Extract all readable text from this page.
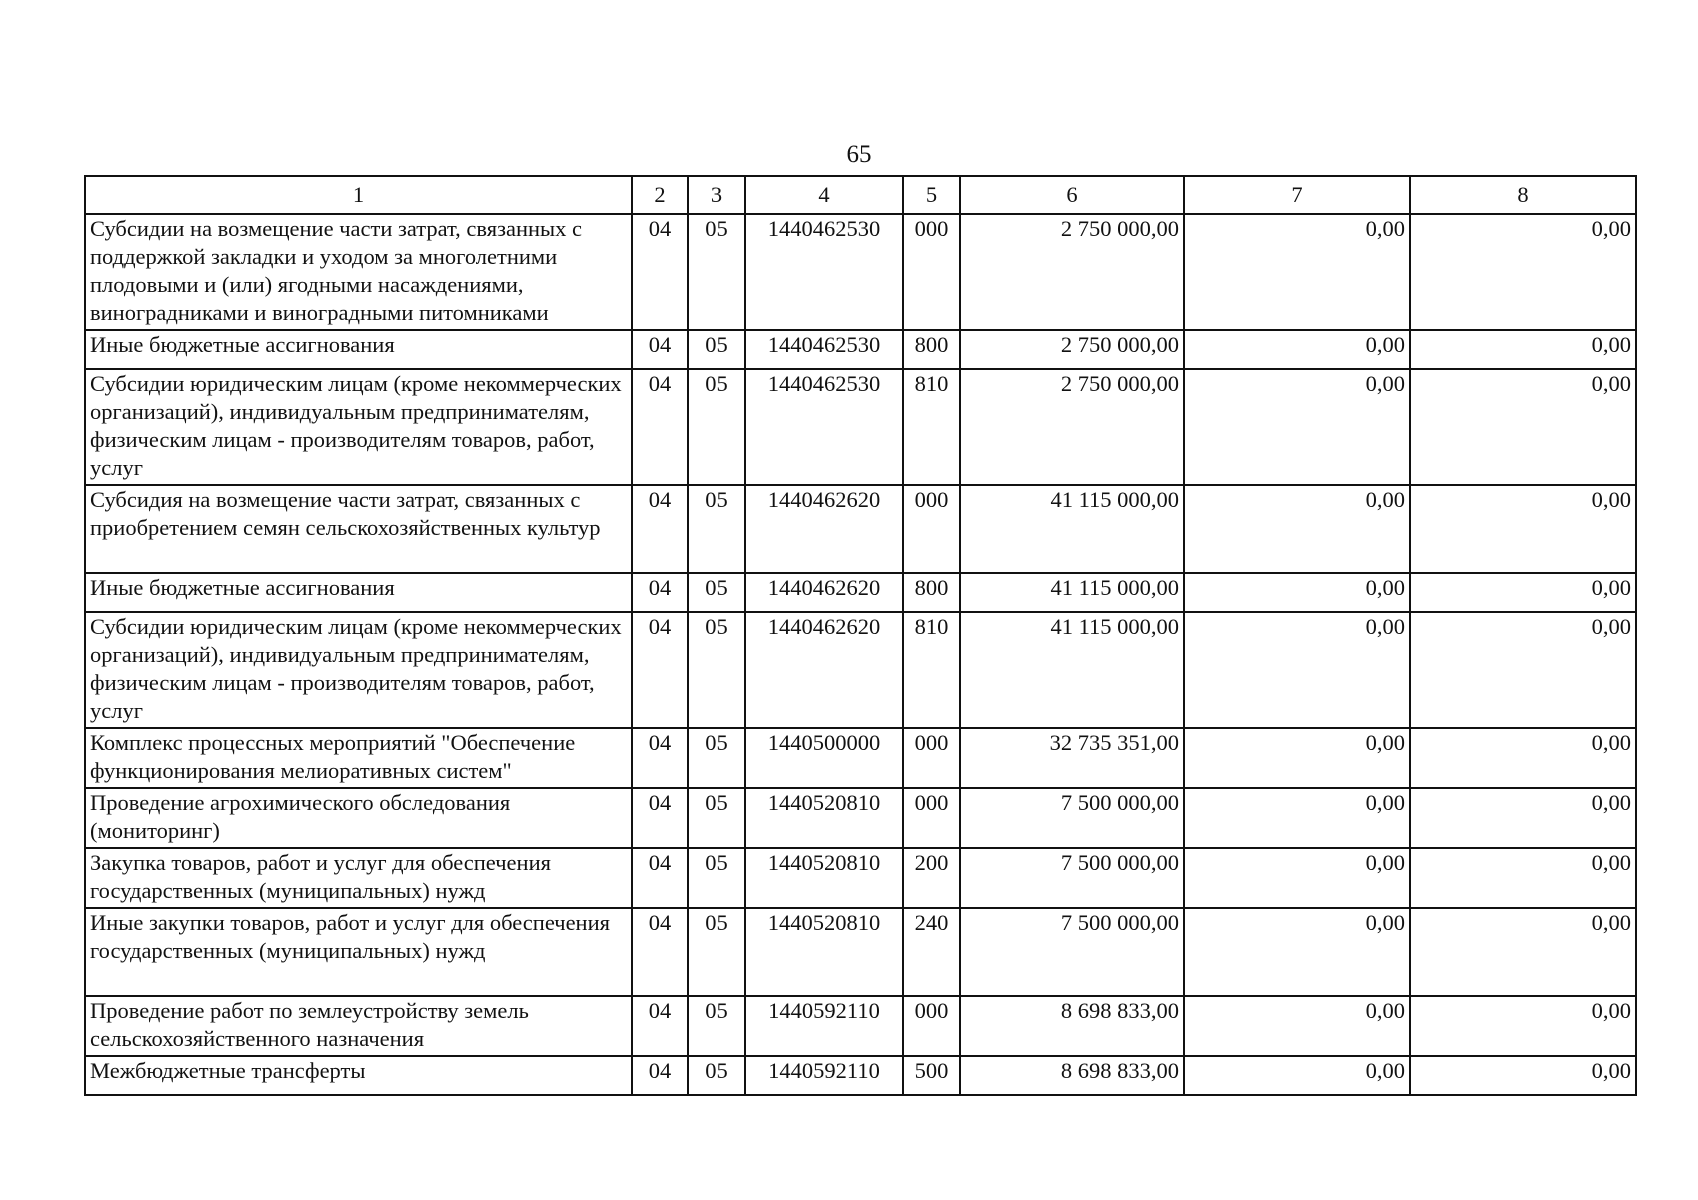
65
1	2	3	4	5	6	7	8
Субсидии на возмещение части затрат, связанных с поддержкой закладки и уходом за многолетними плодовыми и (или) ягодными насаждениями, виноградниками и виноградными питомниками	04	05	1440462530	000	2 750 000,00	0,00	0,00
Иные бюджетные ассигнования	04	05	1440462530	800	2 750 000,00	0,00	0,00
Субсидии юридическим лицам (кроме некоммерческих организаций), индивидуальным предпринимателям, физическим лицам - производителям товаров, работ, услуг	04	05	1440462530	810	2 750 000,00	0,00	0,00
Субсидия на возмещение части затрат, связанных с приобретением семян сельскохозяйственных культур	04	05	1440462620	000	41 115 000,00	0,00	0,00
Иные бюджетные ассигнования	04	05	1440462620	800	41 115 000,00	0,00	0,00
Субсидии юридическим лицам (кроме некоммерческих организаций), индивидуальным предпринимателям, физическим лицам - производителям товаров, работ, услуг	04	05	1440462620	810	41 115 000,00	0,00	0,00
Комплекс процессных мероприятий "Обеспечение функционирования мелиоративных систем"	04	05	1440500000	000	32 735 351,00	0,00	0,00
Проведение агрохимического обследования (мониторинг)	04	05	1440520810	000	7 500 000,00	0,00	0,00
Закупка товаров, работ и услуг для обеспечения государственных (муниципальных) нужд	04	05	1440520810	200	7 500 000,00	0,00	0,00
Иные закупки товаров, работ и услуг для обеспечения государственных (муниципальных) нужд	04	05	1440520810	240	7 500 000,00	0,00	0,00
Проведение работ по землеустройству земель сельскохозяйственного назначения	04	05	1440592110	000	8 698 833,00	0,00	0,00
Межбюджетные трансферты	04	05	1440592110	500	8 698 833,00	0,00	0,00
